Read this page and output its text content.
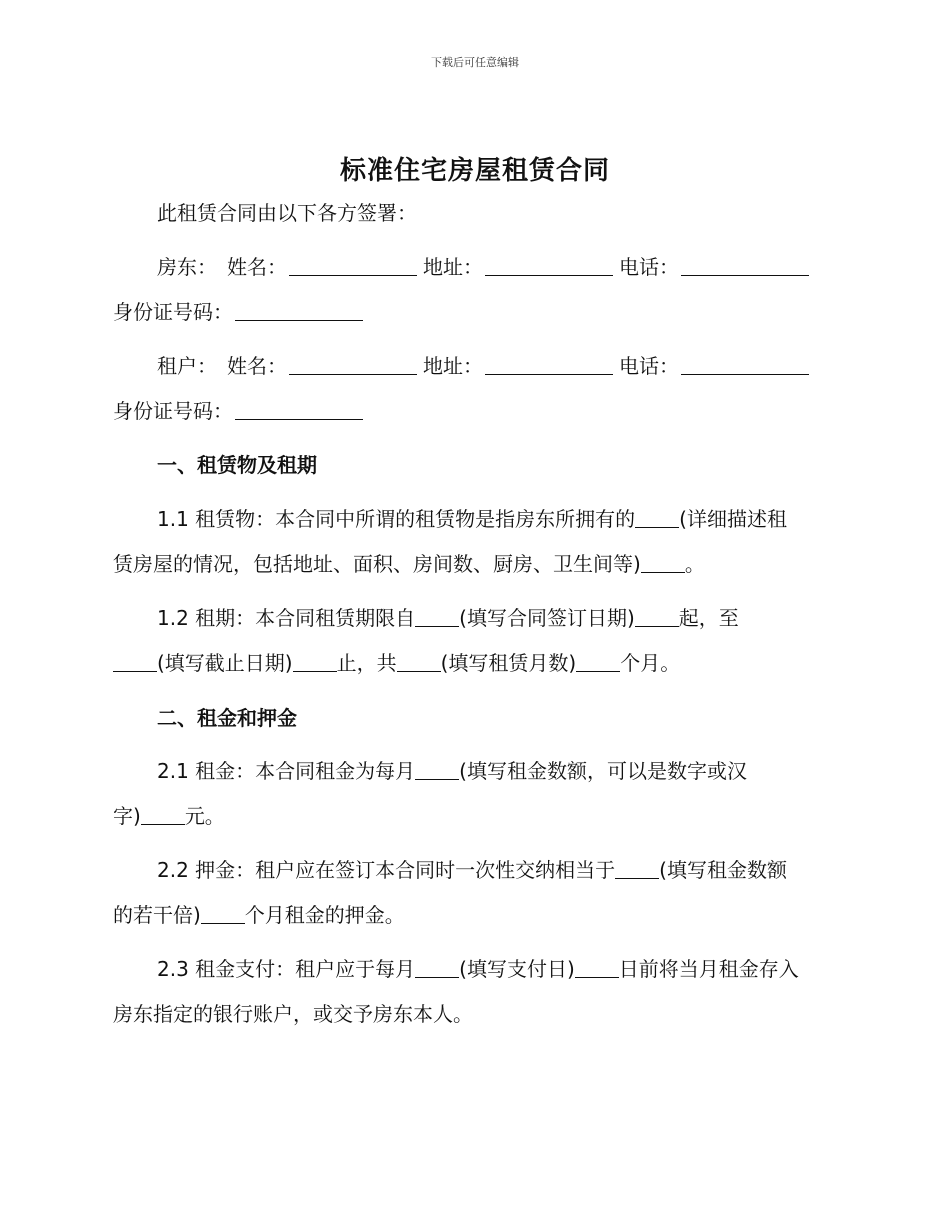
下载后可任意编辑
标准住宅房屋租赁合同
此租赁合同由以下各方签署：
房东： 姓名：	地址：	电话：
身份证号码：
租户： 姓名：	地址：	电话：
身份证号码：
一、租赁物及租期
1.1 租赁物：本合同中所谓的租赁物是指房东所拥有的 (详细描述租
赁房屋的情况，包括地址、面积、房间数、厨房、卫生间等) 。
1.2 租期：本合同租赁期限自 (填写合同签订日期) 起，至
(填写截止日期) 止，共 (填写租赁月数) 个月。
二、租金和押金
2.1 租金：本合同租金为每月 (填写租金数额，可以是数字或汉
字) 元。
2.2 押金：租户应在签订本合同时一次性交纳相当于 (填写租金数额
的若干倍) 个月租金的押金。
2.3 租金支付：租户应于每月 (填写支付日) 日前将当月租金存入
房东指定的银行账户，或交予房东本人。
